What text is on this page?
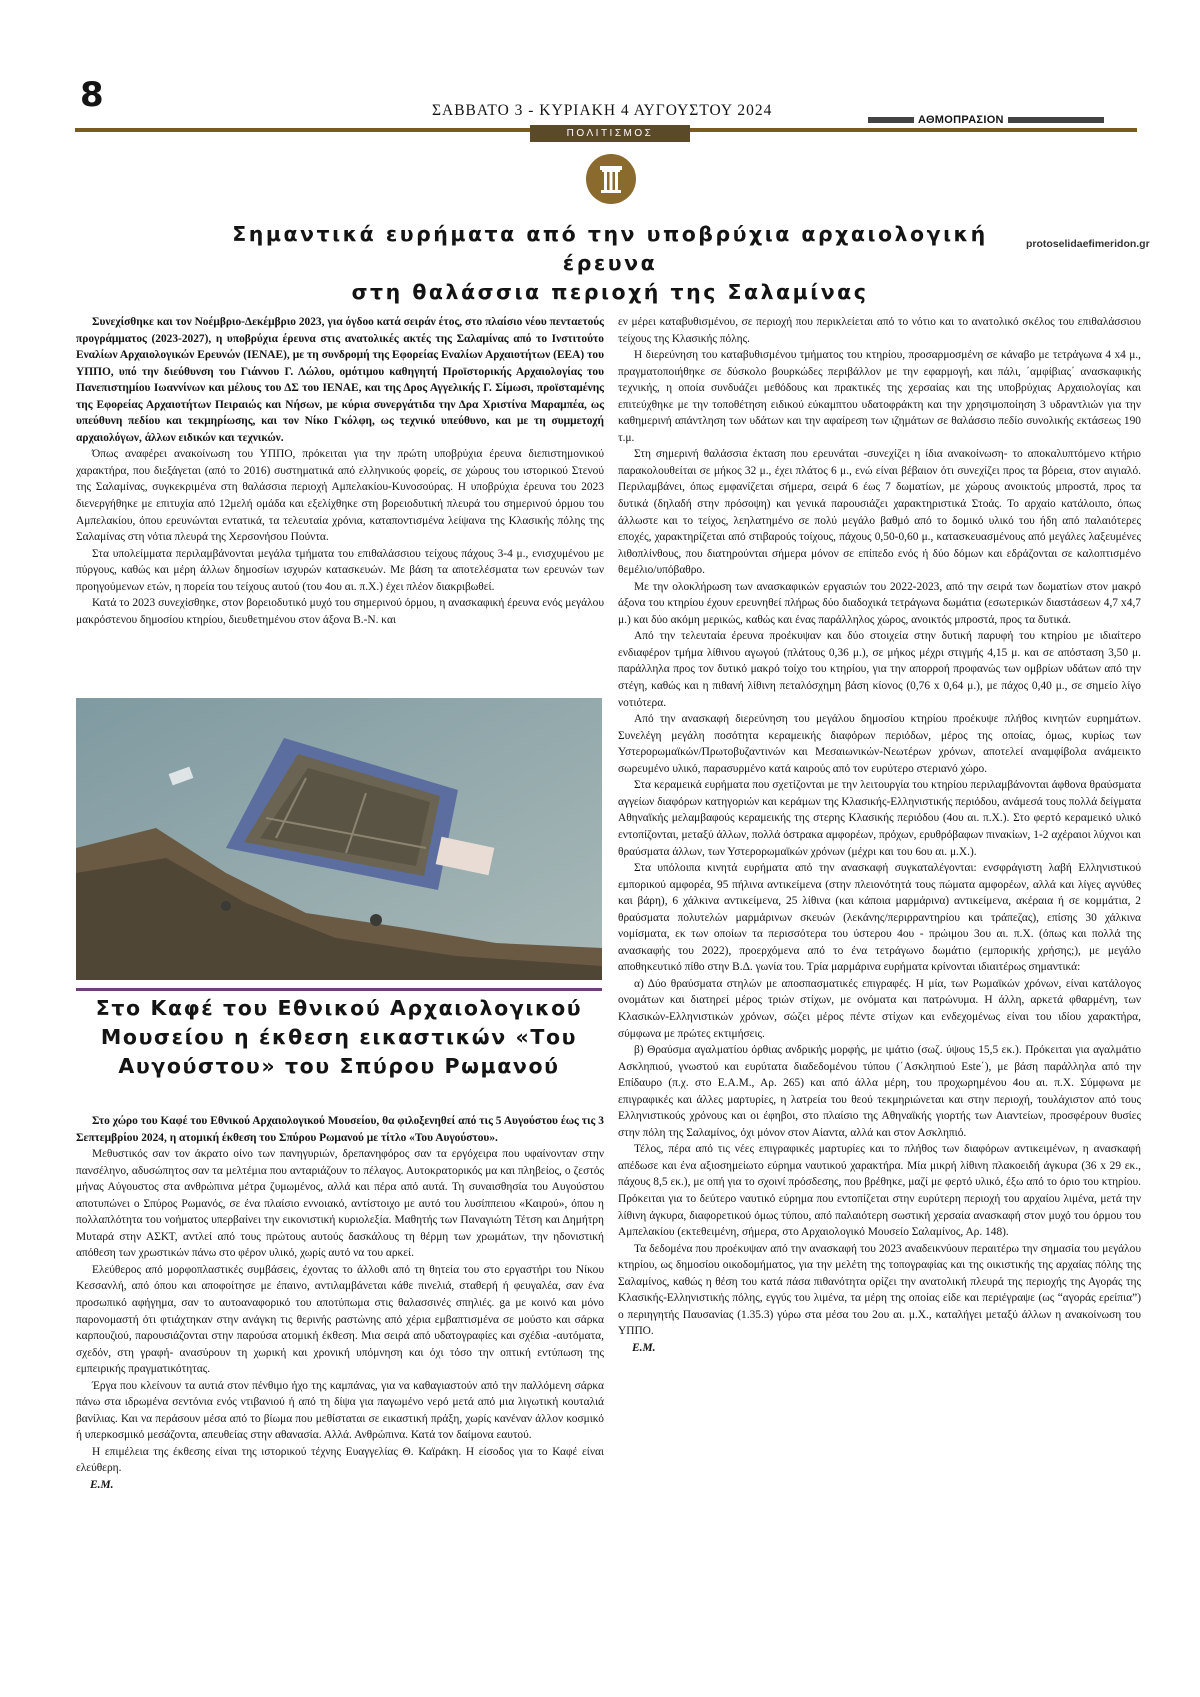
8	ΣΑΒΒΑΤΟ 3 - ΚΥΡΙΑΚΗ 4 ΑΥΓΟΥΣΤΟΥ 2024
ΑΘΜΟΠΡΑΣΙΟΝ
ΠΟΛΙΤΙΣΜΟΣ
Σημαντικά ευρήματα από την υποβρύχια αρχαιολογική έρευνα
στη θαλάσσια περιοχή της Σαλαμίνας
protoselidaefimeridon.gr

Συνεχίσθηκε και τον Νοέμβριο-Δεκέμβριο 2023, για όγδοο κατά σειράν έτος, στο πλαίσιο νέου πενταετούς προγράμματος (2023-2027), η υποβρύχια έρευνα στις ανατολικές ακτές της Σαλαμίνας από το Ινστιτούτο Εναλίων Αρχαιολογικών Ερευνών (ΙΕΝΑΕ), με τη συνδρομή της Εφορείας Εναλίων Αρχαιοτήτων (ΕΕΑ) του ΥΠΠΟ, υπό την διεύθυνση του Γιάννου Γ. Λώλου, ομότιμου καθηγητή Προϊστορικής Αρχαιολογίας του Πανεπιστημίου Ιωαννίνων και μέλους του ΔΣ του ΙΕΝΑΕ, και της Δρος Αγγελικής Γ. Σίμωσι, προϊσταμένης της Εφορείας Αρχαιοτήτων Πειραιώς και Νήσων, με κύρια συνεργάτιδα την Δρα Χριστίνα Μαραμπέα, ως υπεύθυνη πεδίου και τεκμηρίωσης, και τον Νίκο Γκόλφη, ως τεχνικό υπεύθυνο, και με τη συμμετοχή αρχαιολόγων, άλλων ειδικών και τεχνικών.

Όπως αναφέρει ανακοίνωση του ΥΠΠΟ, πρόκειται για την πρώτη υποβρύχια έρευνα διεπιστημονικού χαρακτήρα, που διεξάγεται (από το 2016) συστηματικά από ελληνικούς φορείς, σε χώρους του ιστορικού Στενού της Σαλαμίνας, συγκεκριμένα στη θαλάσσια περιοχή Αμπελακίου-Κυνοσούρας. Η υποβρύχια έρευνα του 2023 διενεργήθηκε με επιτυχία από 12μελή ομάδα και εξελίχθηκε στη βορειοδυτική πλευρά του σημερινού όρμου του Αμπελακίου, όπου ερευνώνται εντατικά, τα τελευταία χρόνια, καταποντισμένα λείψανα της Κλασικής πόλης της Σαλαμίνας στη νότια πλευρά της Χερσονήσου Πούντα.

Στα υπολείμματα περιλαμβάνονται μεγάλα τμήματα του επιθαλάσσιου τείχους πάχους 3-4 μ., ενισχυμένου με πύργους, καθώς και μέρη άλλων δημοσίων ισχυρών κατασκευών. Με βάση τα αποτελέσματα των ερευνών των προηγούμενων ετών, η πορεία του τείχους αυτού (του 4ου αι. π.Χ.) έχει πλέον διακριβωθεί.

Κατά το 2023 συνεχίσθηκε, στον βορειοδυτικό μυχό του σημερινού όρμου, η ανασκαφική έρευνα ενός μεγάλου μακρόστενου δημοσίου κτηρίου, διευθετημένου στον άξονα Β.-Ν. και

Στο Καφέ του Εθνικού Αρχαιολογικού Μουσείου η έκθεση εικαστικών «Του Αυγούστου» του Σπύρου Ρωμανού

Στο χώρο του Καφέ του Εθνικού Αρχαιολογικού Μουσείου, θα φιλοξενηθεί από τις 5 Αυγούστου έως τις 3 Σεπτεμβρίου 2024, η ατομική έκθεση του Σπύρου Ρωμανού με τίτλο «Του Αυγούστου».

Μεθυστικός σαν τον άκρατο οίνο των πανηγυριών, δρεπανηφόρος σαν τα εργόχειρα που υφαίνονταν στην πανσέληνο, αδυσώπητος σαν τα μελτέμια που ανταριάζουν το πέλαγος. Αυτοκρατορικός μα και πληβείος, ο ζεστός μήνας Αύγουστος στα ανθρώπινα μέτρα ζυμωμένος, αλλά και πέρα από αυτά. Τη συναισθησία του Αυγούστου αποτυπώνει ο Σπύρος Ρωμανός, σε ένα πλαίσιο εννοιακό, αντίστοιχο με αυτό του λυσίππειου «Καιρού», όπου η πολλαπλότητα του νοήματος υπερβαίνει την εικονιστική κυριολεξία. Μαθητής των Παναγιώτη Τέτση και Δημήτρη Μυταρά στην ΑΣΚΤ, αντλεί από τους πρώτους αυτούς δασκάλους τη θέρμη των χρωμάτων, την ηδονιστική απόθεση των χρωστικών πάνω στο φέρον υλικό, χωρίς αυτό να του αρκεί.

Ελεύθερος από μορφοπλαστικές συμβάσεις, έχοντας το άλλοθι από τη θητεία του στο εργαστήρι του Νίκου Κεσσανλή, από όπου και αποφοίτησε με έπαινο, αντιλαμβάνεται κάθε πινελιά, σταθερή ή φευγαλέα, σαν ένα προσωπικό αφήγημα, σαν το αυτοαναφορικό του αποτύπωμα στις θαλασσινές σπηλιές. ga με κοινό και μόνο παρονομαστή ότι φτιάχτηκαν στην ανάγκη τις θερινής ραστώνης από χέρια εμβαπτισμένα σε μούστο και σάρκα καρπουζιού, παρουσιάζονται στην παρούσα ατομική έκθεση. Μια σειρά από υδατογραφίες και σχέδια -αυτόματα, σχεδόν, στη γραφή- ανασύρουν τη χωρική και χρονική υπόμνηση και όχι τόσο την οπτική εντύπωση της εμπειρικής πραγματικότητας.

Έργα που κλείνουν τα αυτιά στον πένθιμο ήχο της καμπάνας, για να καθαγιαστούν από την παλλόμενη σάρκα πάνω στα ιδρωμένα σεντόνια ενός ντιβανιού ή από τη δίψα για παγωμένο νερό μετά από μια λιγωτική κουταλιά βανίλιας. Και να περάσουν μέσα από το βίωμα που μεθίσταται σε εικαστική πράξη, χωρίς κανέναν άλλον κοσμικό ή υπερκοσμικό μεσάζοντα, απευθείας στην αθανασία. Αλλά. Ανθρώπινα. Κατά τον δαίμονα εαυτού.

Η επιμέλεια της έκθεσης είναι της ιστορικού τέχνης Ευαγγελίας Θ. Καϊράκη. Η είσοδος για το Καφέ είναι ελεύθερη.

Ε.Μ.

εν μέρει καταβυθισμένου, σε περιοχή που περικλείεται από το νότιο και το ανατολικό σκέλος του επιθαλάσσιου τείχους της Κλασικής πόλης.

Η διερεύνηση του καταβυθισμένου τμήματος του κτηρίου, προσαρμοσμένη σε κάναβο με τετράγωνα 4 x4 μ., πραγματοποιήθηκε σε δύσκολο βουρκώδες περιβάλλον με την εφαρμογή, και πάλι, ΄αμφίβιας΄ ανασκαφικής τεχνικής, η οποία συνδυάζει μεθόδους και πρακτικές της χερσαίας και της υποβρύχιας Αρχαιολογίας και επιτεύχθηκε με την τοποθέτηση ειδικού εύκαμπτου υδατοφράκτη και την χρησιμοποίηση 3 υδραντλιών για την καθημερινή απάντληση των υδάτων και την αφαίρεση των ιζημάτων σε θαλάσσιο πεδίο συνολικής εκτάσεως 190 τ.μ.

Στη σημερινή θαλάσσια έκταση που ερευνάται -συνεχίζει η ίδια ανακοίνωση- το αποκαλυπτόμενο κτήριο παρακολουθείται σε μήκος 32 μ., έχει πλάτος 6 μ., ενώ είναι βέβαιον ότι συνεχίζει προς τα βόρεια, στον αιγιαλό. Περιλαμβάνει, όπως εμφανίζεται σήμερα, σειρά 6 έως 7 δωματίων, με χώρους ανοικτούς μπροστά, προς τα δυτικά (δηλαδή στην πρόσοψη) και γενικά παρουσιάζει χαρακτηριστικά Στοάς. Το αρχαίο κατάλοιπο, όπως άλλωστε και το τείχος, λεηλατημένο σε πολύ μεγάλο βαθμό από το δομικό υλικό του ήδη από παλαιότερες εποχές, χαρακτηρίζεται από στιβαρούς τοίχους, πάχους 0,50-0,60 μ., κατασκευασμένους από μεγάλες λαξευμένες λιθοπλίνθους, που διατηρούνται σήμερα μόνον σε επίπεδο ενός ή δύο δόμων και εδράζονται σε καλοπτισμένο θεμέλιο/υπόβαθρο.

Με την ολοκλήρωση των ανασκαφικών εργασιών του 2022-2023, από την σειρά των δωματίων στον μακρό άξονα του κτηρίου έχουν ερευνηθεί πλήρως δύο διαδοχικά τετράγωνα δωμάτια (εσωτερικών διαστάσεων 4,7 x4,7 μ.) και δύο ακόμη μερικώς, καθώς και ένας παράλληλος χώρος, ανοικτός μπροστά, προς τα δυτικά.

Από την τελευταία έρευνα προέκυψαν και δύο στοιχεία στην δυτική παρυφή του κτηρίου με ιδιαίτερο ενδιαφέρον τμήμα λίθινου αγωγού (πλάτους 0,36 μ.), σε μήκος μέχρι στιγμής 4,15 μ. και σε απόσταση 3,50 μ. παράλληλα προς τον δυτικό μακρό τοίχο του κτηρίου, για την απορροή προφανώς των ομβρίων υδάτων από την στέγη, καθώς και η πιθανή λίθινη πεταλόσχημη βάση κίονος (0,76 x 0,64 μ.), με πάχος 0,40 μ., σε σημείο λίγο νοτιότερα.

Από την ανασκαφή διερεύνηση του μεγάλου δημοσίου κτηρίου προέκυψε πλήθος κινητών ευρημάτων. Συνελέγη μεγάλη ποσότητα κεραμεικής διαφόρων περιόδων, μέρος της οποίας, όμως, κυρίως των Υστερορωμαϊκών/Πρωτοβυζαντινών και Μεσαιωνικών-Νεωτέρων χρόνων, αποτελεί αναμφίβολα ανάμεικτο σωρευμένο υλικό, παρασυρμένο κατά καιρούς από τον ευρύτερο στεριανό χώρο.

Στα κεραμεικά ευρήματα που σχετίζονται με την λειτουργία του κτηρίου περιλαμβάνονται άφθονα θραύσματα αγγείων διαφόρων κατηγοριών και κεράμων της Κλασικής-Ελληνιστικής περιόδου, ανάμεσά τους πολλά δείγματα Αθηναϊκής μελαμβαφούς κεραμεικής της στερης Κλασικής περιόδου (4ου αι. π.Χ.). Στο φερτό κεραμεικό υλικό εντοπίζονται, μεταξύ άλλων, πολλά όστρακα αμφορέων, πρόχων, ερυθρόβαφων πινακίων, 1-2 αχέραιοι λύχνοι και θραύσματα άλλων, των Υστερορωμαϊκών χρόνων (μέχρι και του 6ου αι. μ.Χ.).

Στα υπόλοιπα κινητά ευρήματα από την ανασκαφή συγκαταλέγονται: ενσφράγιστη λαβή Ελληνιστικού εμπορικού αμφορέα, 95 πήλινα αντικείμενα (στην πλειονότητά τους πώματα αμφορέων, αλλά και λίγες αγνύθες και βάρη), 6 χάλκινα αντικείμενα, 25 λίθινα (και κάποια μαρμάρινα) αντικείμενα, ακέραια ή σε κομμάτια, 2 θραύσματα πολυτελών μαρμάρινων σκευών (λεκάνης/περιρραντηρίου και τράπεζας), επίσης 30 χάλκινα νομίσματα, εκ των οποίων τα περισσότερα του ύστερου 4ου - πρώιμου 3ου αι. π.Χ. (όπως και πολλά της ανασκαφής του 2022), προερχόμενα από το ένα τετράγωνο δωμάτιο (εμπορικής χρήσης;), με μεγάλο αποθηκευτικό πίθο στην Β.Δ. γωνία του. Τρία μαρμάρινα ευρήματα κρίνονται ιδιαιτέρως σημαντικά:

α) Δύο θραύσματα στηλών με αποσπασματικές επιγραφές. Η μία, των Ρωμαϊκών χρόνων, είναι κατάλογος ονομάτων και διατηρεί μέρος τριών στίχων, με ονόματα και πατρώνυμα. Η άλλη, αρκετά φθαρμένη, των Κλασικών-Ελληνιστικών χρόνων, σώζει μέρος πέντε στίχων και ενδεχομένως είναι του ιδίου χαρακτήρα, σύμφωνα με πρώτες εκτιμήσεις.

β) Θραύσμα αγαλματίου όρθιας ανδρικής μορφής, με ιμάτιο (σωζ. ύψους 15,5 εκ.). Πρόκειται για αγαλμάτιο Ασκληπιού, γνωστού και ευρύτατα διαδεδομένου τύπου (΄Ασκληπιού Este΄), με βάση παράλληλα από την Επίδαυρο (π.χ. στο Ε.Α.Μ., Αρ. 265) και από άλλα μέρη, του προχωρημένου 4ου αι. π.Χ. Σύμφωνα με επιγραφικές και άλλες μαρτυρίες, η λατρεία του θεού τεκμηριώνεται και στην περιοχή, τουλάχιστον από τους Ελληνιστικούς χρόνους και οι έφηβοι, στο πλαίσιο της Αθηναϊκής γιορτής των Αιαντείων, προσφέρουν θυσίες στην πόλη της Σαλαμίνος, όχι μόνον στον Αίαντα, αλλά και στον Ασκληπιό.

Τέλος, πέρα από τις νέες επιγραφικές μαρτυρίες και το πλήθος των διαφόρων αντικειμένων, η ανασκαφή απέδωσε και ένα αξιοσημείωτο εύρημα ναυτικού χαρακτήρα. Μία μικρή λίθινη πλακοειδή άγκυρα (36 x 29 εκ., πάχους 8,5 εκ.), με οπή για το σχοινί πρόσδεσης, που βρέθηκε, μαζί με φερτό υλικό, έξω από το όριο του κτηρίου. Πρόκειται για το δεύτερο ναυτικό εύρημα που εντοπίζεται στην ευρύτερη περιοχή του αρχαίου λιμένα, μετά την λίθινη άγκυρα, διαφορετικού όμως τύπου, από παλαιότερη σωστική χερσαία ανασκαφή στον μυχό του όρμου του Αμπελακίου (εκτεθειμένη, σήμερα, στο Αρχαιολογικό Μουσείο Σαλαμίνος, Αρ. 148).

Τα δεδομένα που προέκυψαν από την ανασκαφή του 2023 αναδεικνύουν περαιτέρω την σημασία του μεγάλου κτηρίου, ως δημοσίου οικοδομήματος, για την μελέτη της τοπογραφίας και της οικιστικής της αρχαίας πόλης της Σαλαμίνος, καθώς η θέση του κατά πάσα πιθανότητα ορίζει την ανατολική πλευρά της περιοχής της Αγοράς της Κλασικής-Ελληνιστικής πόλης, εγγύς του λιμένα, τα μέρη της οποίας είδε και περιέγραψε (ως “αγοράς ερείπια”) ο περιηγητής Παυσανίας (1.35.3) γύρω στα μέσα του 2ου αι. μ.Χ., καταλήγει μεταξύ άλλων η ανακοίνωση του ΥΠΠΟ.

Ε.Μ.
